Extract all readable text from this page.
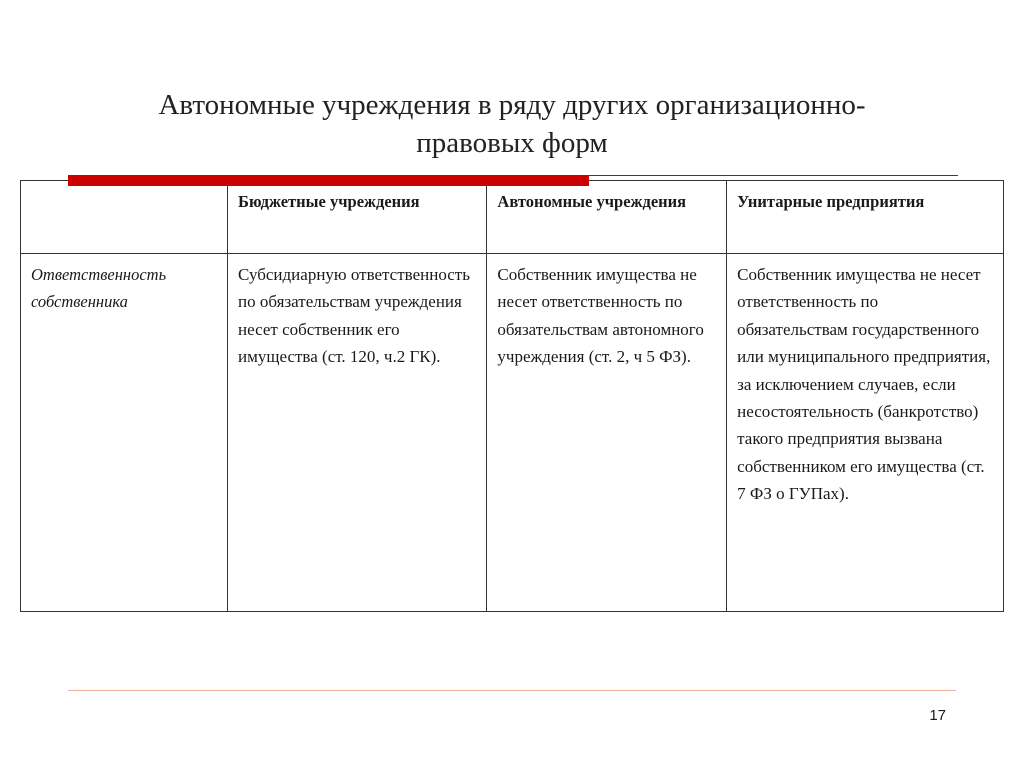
Автономные учреждения в ряду других организационно-
правовых форм
	Бюджетные учреждения	Автономные учреждения	Унитарные предприятия
Ответственность собственника	Субсидиарную ответственность по обязательствам учреждения несет собственник его имущества (ст. 120, ч.2 ГК).	Собственник имущества не несет ответственность по обязательствам автономного учреждения (ст. 2, ч 5 ФЗ).	Собственник имущества не несет ответственность по обязательствам государственного или муниципального предприятия, за исключением случаев, если несостоятельность (банкротство) такого предприятия вызвана собственником его имущества (ст. 7 ФЗ о ГУПах).
17
